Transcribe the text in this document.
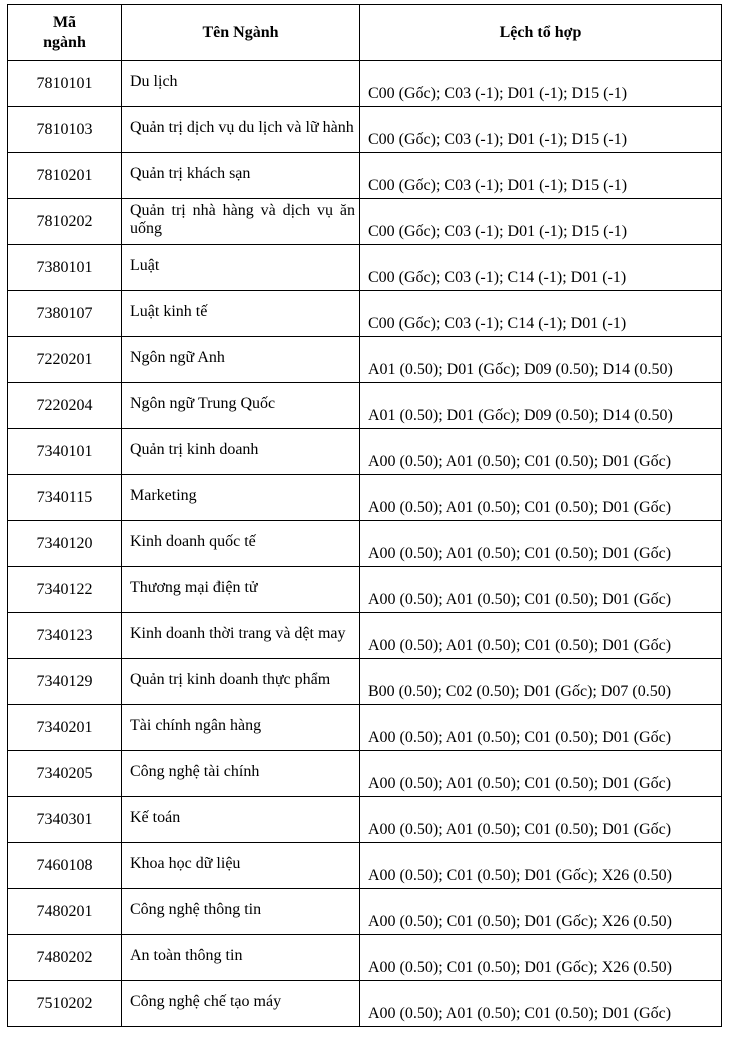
Mã ngành	Tên Ngành	Lệch tổ hợp
7810101	Du lịch	C00 (Gốc); C03 (-1); D01 (-1); D15 (-1)
7810103	Quản trị dịch vụ du lịch và lữ hành	C00 (Gốc); C03 (-1); D01 (-1); D15 (-1)
7810201	Quản trị khách sạn	C00 (Gốc); C03 (-1); D01 (-1); D15 (-1)
7810202	Quản trị nhà hàng và dịch vụ ăn uống	C00 (Gốc); C03 (-1); D01 (-1); D15 (-1)
7380101	Luật	C00 (Gốc); C03 (-1); C14 (-1); D01 (-1)
7380107	Luật kinh tế	C00 (Gốc); C03 (-1); C14 (-1); D01 (-1)
7220201	Ngôn ngữ Anh	A01 (0.50); D01 (Gốc); D09 (0.50); D14 (0.50)
7220204	Ngôn ngữ Trung Quốc	A01 (0.50); D01 (Gốc); D09 (0.50); D14 (0.50)
7340101	Quản trị kinh doanh	A00 (0.50); A01 (0.50); C01 (0.50); D01 (Gốc)
7340115	Marketing	A00 (0.50); A01 (0.50); C01 (0.50); D01 (Gốc)
7340120	Kinh doanh quốc tế	A00 (0.50); A01 (0.50); C01 (0.50); D01 (Gốc)
7340122	Thương mại điện tử	A00 (0.50); A01 (0.50); C01 (0.50); D01 (Gốc)
7340123	Kinh doanh thời trang và dệt may	A00 (0.50); A01 (0.50); C01 (0.50); D01 (Gốc)
7340129	Quản trị kinh doanh thực phẩm	B00 (0.50); C02 (0.50); D01 (Gốc); D07 (0.50)
7340201	Tài chính ngân hàng	A00 (0.50); A01 (0.50); C01 (0.50); D01 (Gốc)
7340205	Công nghệ tài chính	A00 (0.50); A01 (0.50); C01 (0.50); D01 (Gốc)
7340301	Kế toán	A00 (0.50); A01 (0.50); C01 (0.50); D01 (Gốc)
7460108	Khoa học dữ liệu	A00 (0.50); C01 (0.50); D01 (Gốc); X26 (0.50)
7480201	Công nghệ thông tin	A00 (0.50); C01 (0.50); D01 (Gốc); X26 (0.50)
7480202	An toàn thông tin	A00 (0.50); C01 (0.50); D01 (Gốc); X26 (0.50)
7510202	Công nghệ chế tạo máy	A00 (0.50); A01 (0.50); C01 (0.50); D01 (Gốc)
